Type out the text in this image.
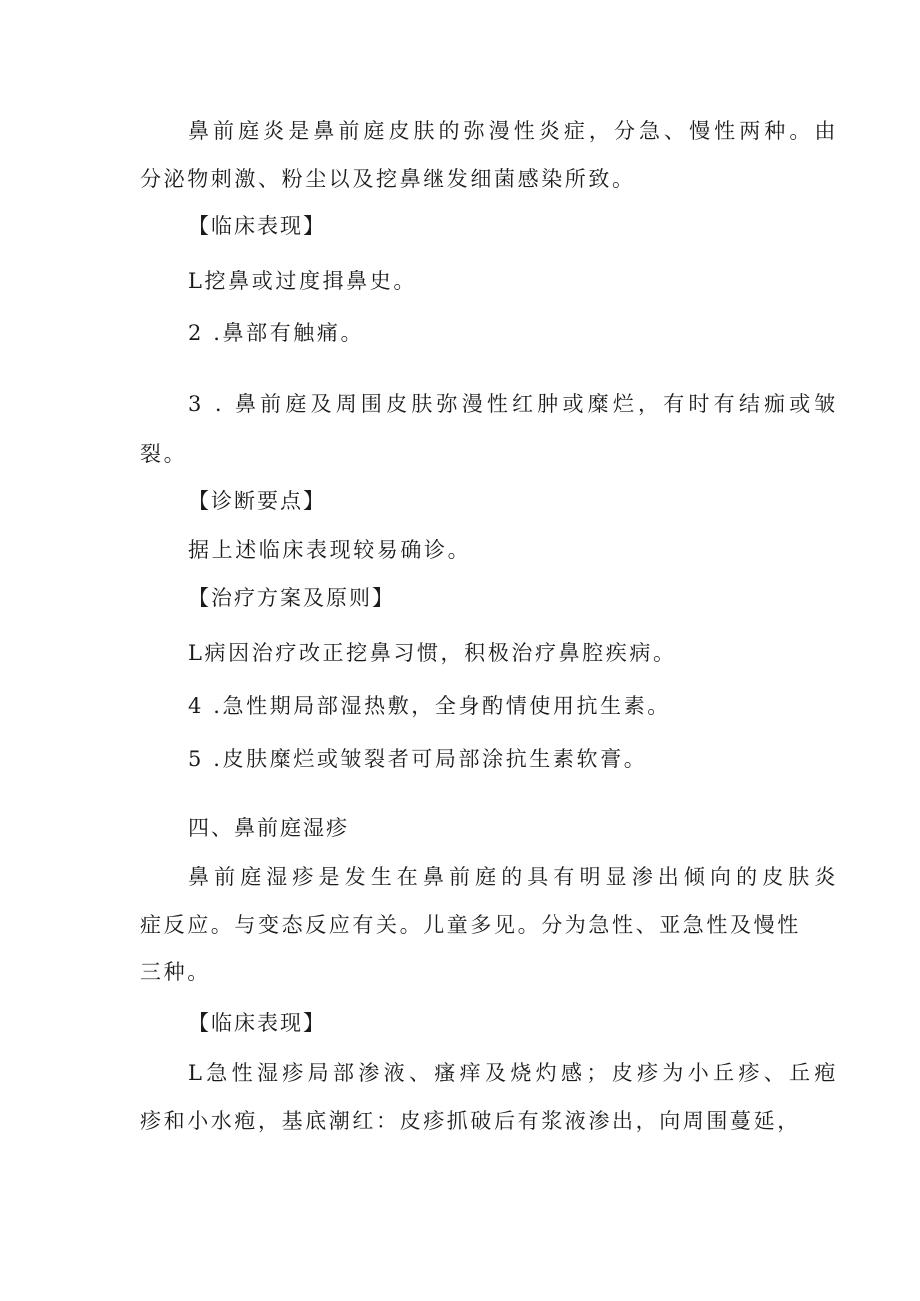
鼻前庭炎是鼻前庭皮肤的弥漫性炎症，分急、慢性两种。由

分泌物刺激、粉尘以及挖鼻继发细菌感染所致。

【临床表现】

L挖鼻或过度揖鼻史。

2 .鼻部有触痛。

3 . 鼻前庭及周围皮肤弥漫性红肿或糜烂，有时有结痂或皱

裂。

【诊断要点】

据上述临床表现较易确诊。

【治疗方案及原则】

L病因治疗改正挖鼻习惯，积极治疗鼻腔疾病。

4 .急性期局部湿热敷，全身酌情使用抗生素。

5 .皮肤糜烂或皱裂者可局部涂抗生素软膏。

四、鼻前庭湿疹

鼻前庭湿疹是发生在鼻前庭的具有明显渗出倾向的皮肤炎

症反应。与变态反应有关。儿童多见。分为急性、亚急性及慢性

三种。

【临床表现】

L急性湿疹局部渗液、瘙痒及烧灼感；皮疹为小丘疹、丘疱

疹和小水疱，基底潮红：皮疹抓破后有浆液渗出，向周围蔓延，
